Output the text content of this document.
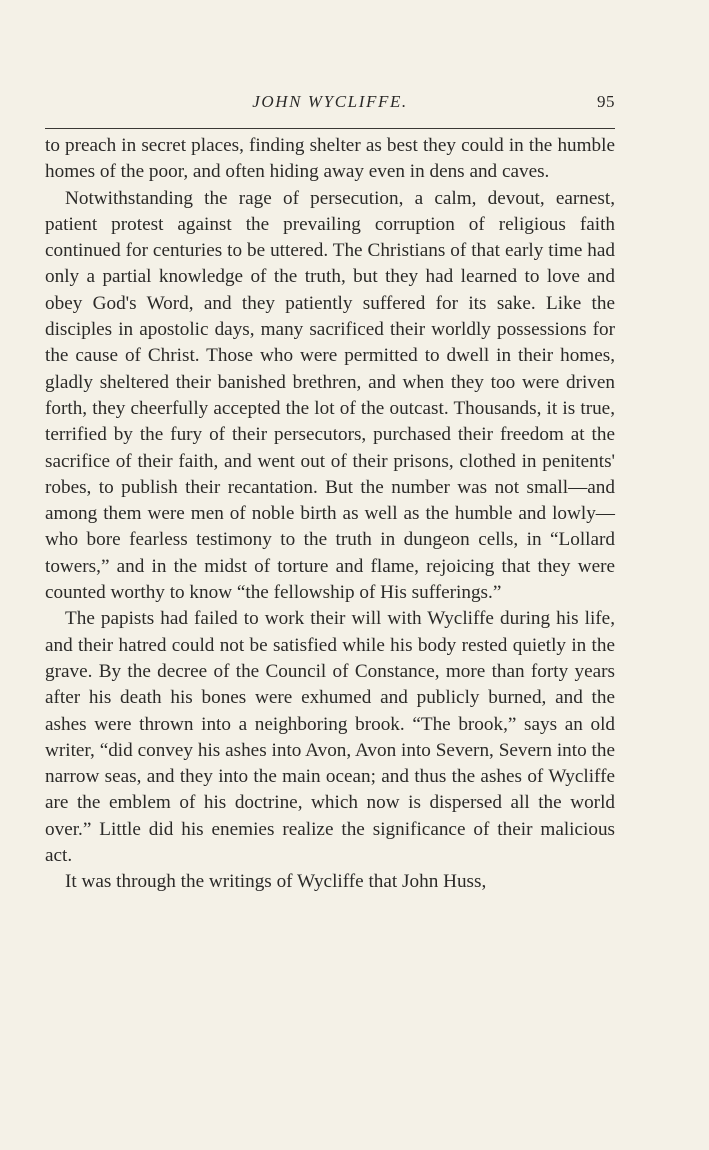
JOHN WYCLIFFE.	95

to preach in secret places, finding shelter as best they could in the humble homes of the poor, and often hiding away even in dens and caves.

Notwithstanding the rage of persecution, a calm, devout, earnest, patient protest against the prevailing corruption of religious faith continued for centuries to be uttered. The Christians of that early time had only a partial knowledge of the truth, but they had learned to love and obey God's Word, and they patiently suffered for its sake. Like the disciples in apostolic days, many sacrificed their worldly possessions for the cause of Christ. Those who were permitted to dwell in their homes, gladly sheltered their banished brethren, and when they too were driven forth, they cheerfully accepted the lot of the outcast. Thousands, it is true, terrified by the fury of their persecutors, purchased their freedom at the sacrifice of their faith, and went out of their prisons, clothed in penitents' robes, to publish their recantation. But the number was not small—and among them were men of noble birth as well as the humble and lowly—who bore fearless testimony to the truth in dungeon cells, in “Lollard towers,” and in the midst of torture and flame, rejoicing that they were counted worthy to know “the fellowship of His sufferings.”

The papists had failed to work their will with Wycliffe during his life, and their hatred could not be satisfied while his body rested quietly in the grave. By the decree of the Council of Constance, more than forty years after his death his bones were exhumed and publicly burned, and the ashes were thrown into a neighboring brook. “The brook,” says an old writer, “did convey his ashes into Avon, Avon into Severn, Severn into the narrow seas, and they into the main ocean; and thus the ashes of Wycliffe are the emblem of his doctrine, which now is dispersed all the world over.” Little did his enemies realize the significance of their malicious act.

It was through the writings of Wycliffe that John Huss,
